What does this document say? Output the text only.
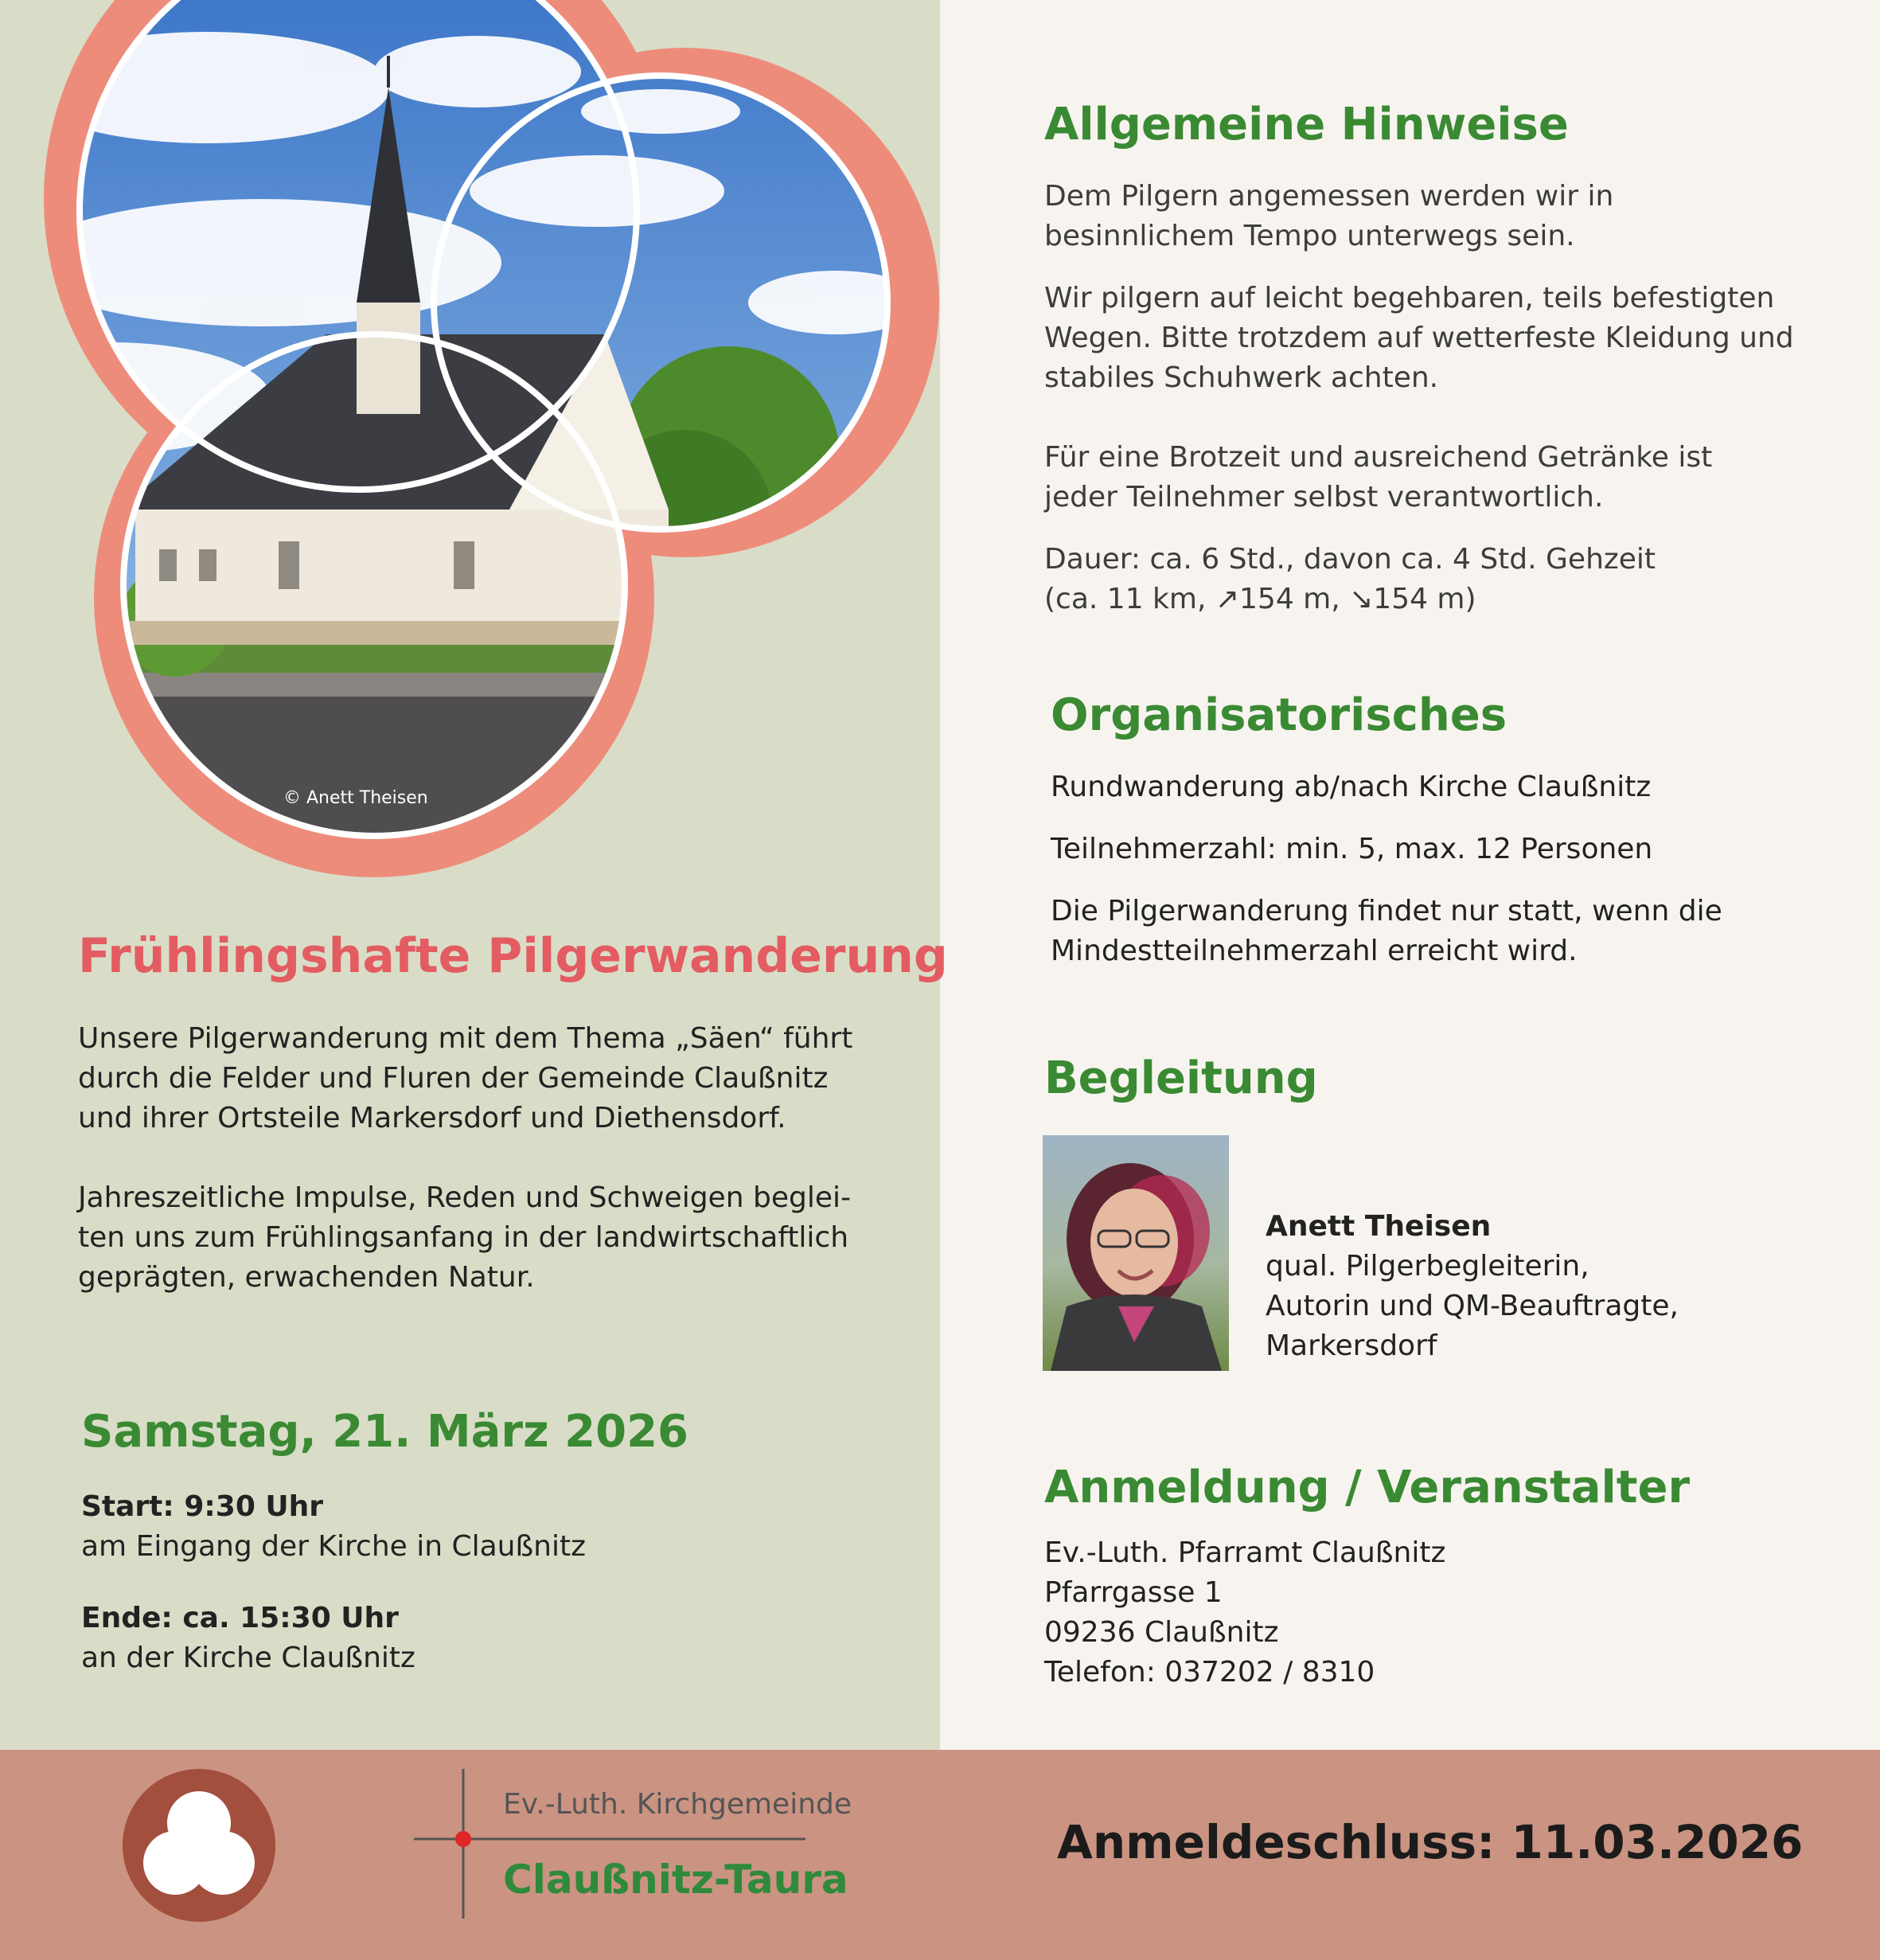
© Anett Theisen
Frühlingshafte Pilgerwanderung
Unsere Pilgerwanderung mit dem Thema „Säen“ führt
durch die Felder und Fluren der Gemeinde Claußnitz
und ihrer Ortsteile Markersdorf und Diethensdorf.
Jahreszeitliche Impulse, Reden und Schweigen beglei-
ten uns zum Frühlingsanfang in der landwirtschaftlich
geprägten, erwachenden Natur.
Samstag, 21. März 2026
Start: 9:30 Uhr
am Eingang der Kirche in Claußnitz
Ende: ca. 15:30 Uhr
an der Kirche Claußnitz
Allgemeine Hinweise
Dem Pilgern angemessen werden wir in
besinnlichem Tempo unterwegs sein.
Wir pilgern auf leicht begehbaren, teils befestigten
Wegen. Bitte trotzdem auf wetterfeste Kleidung und
stabiles Schuhwerk achten.
Für eine Brotzeit und ausreichend Getränke ist
jeder Teilnehmer selbst verantwortlich.
Dauer: ca. 6 Std., davon ca. 4 Std. Gehzeit
(ca. 11 km, ↗154 m, ↘154 m)
Organisatorisches
Rundwanderung ab/nach Kirche Claußnitz
Teilnehmerzahl: min. 5, max. 12 Personen
Die Pilgerwanderung findet nur statt, wenn die
Mindestteilnehmerzahl erreicht wird.
Begleitung
Anett Theisen
qual. Pilgerbegleiterin,
Autorin und QM-Beauftragte,
Markersdorf
Anmeldung / Veranstalter
Ev.-Luth. Pfarramt Claußnitz
Pfarrgasse 1
09236 Claußnitz
Telefon: 037202 / 8310
Ev.-Luth. Kirchgemeinde
Claußnitz-Taura
Anmeldeschluss: 11.03.2026
